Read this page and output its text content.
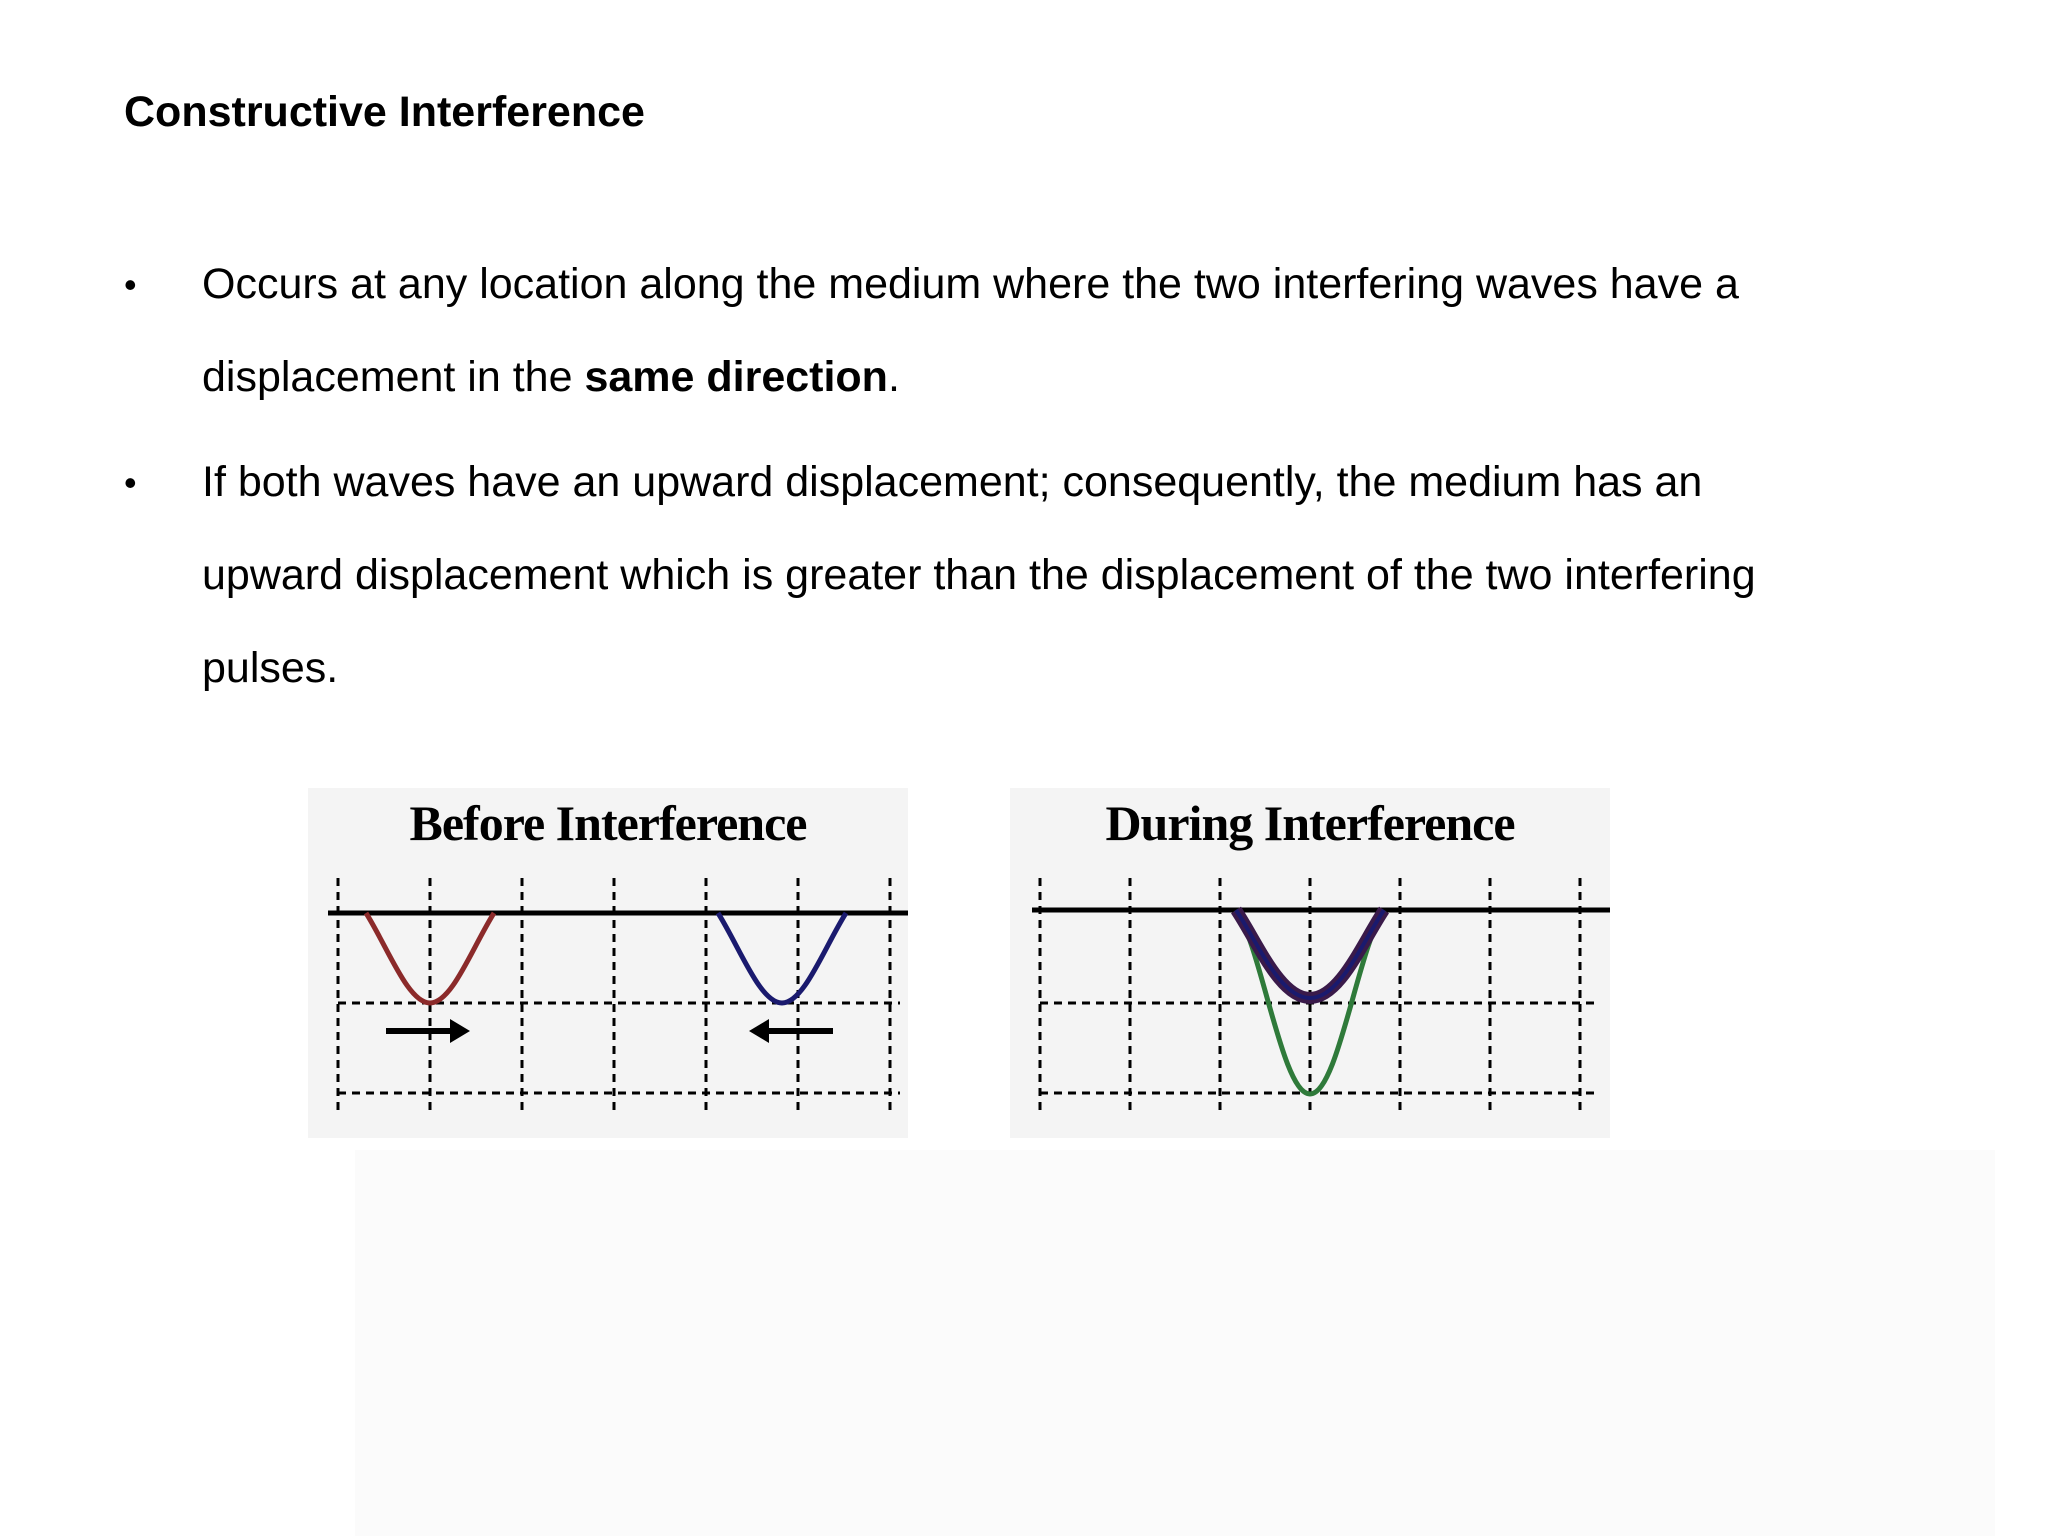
Constructive Interference
• Occurs at any location along the medium where the two interfering waves have a displacement in the same direction.
• If both waves have an upward displacement; consequently, the medium has an upward displacement which is greater than the displacement of the two interfering pulses.
Before Interference	During Interference
